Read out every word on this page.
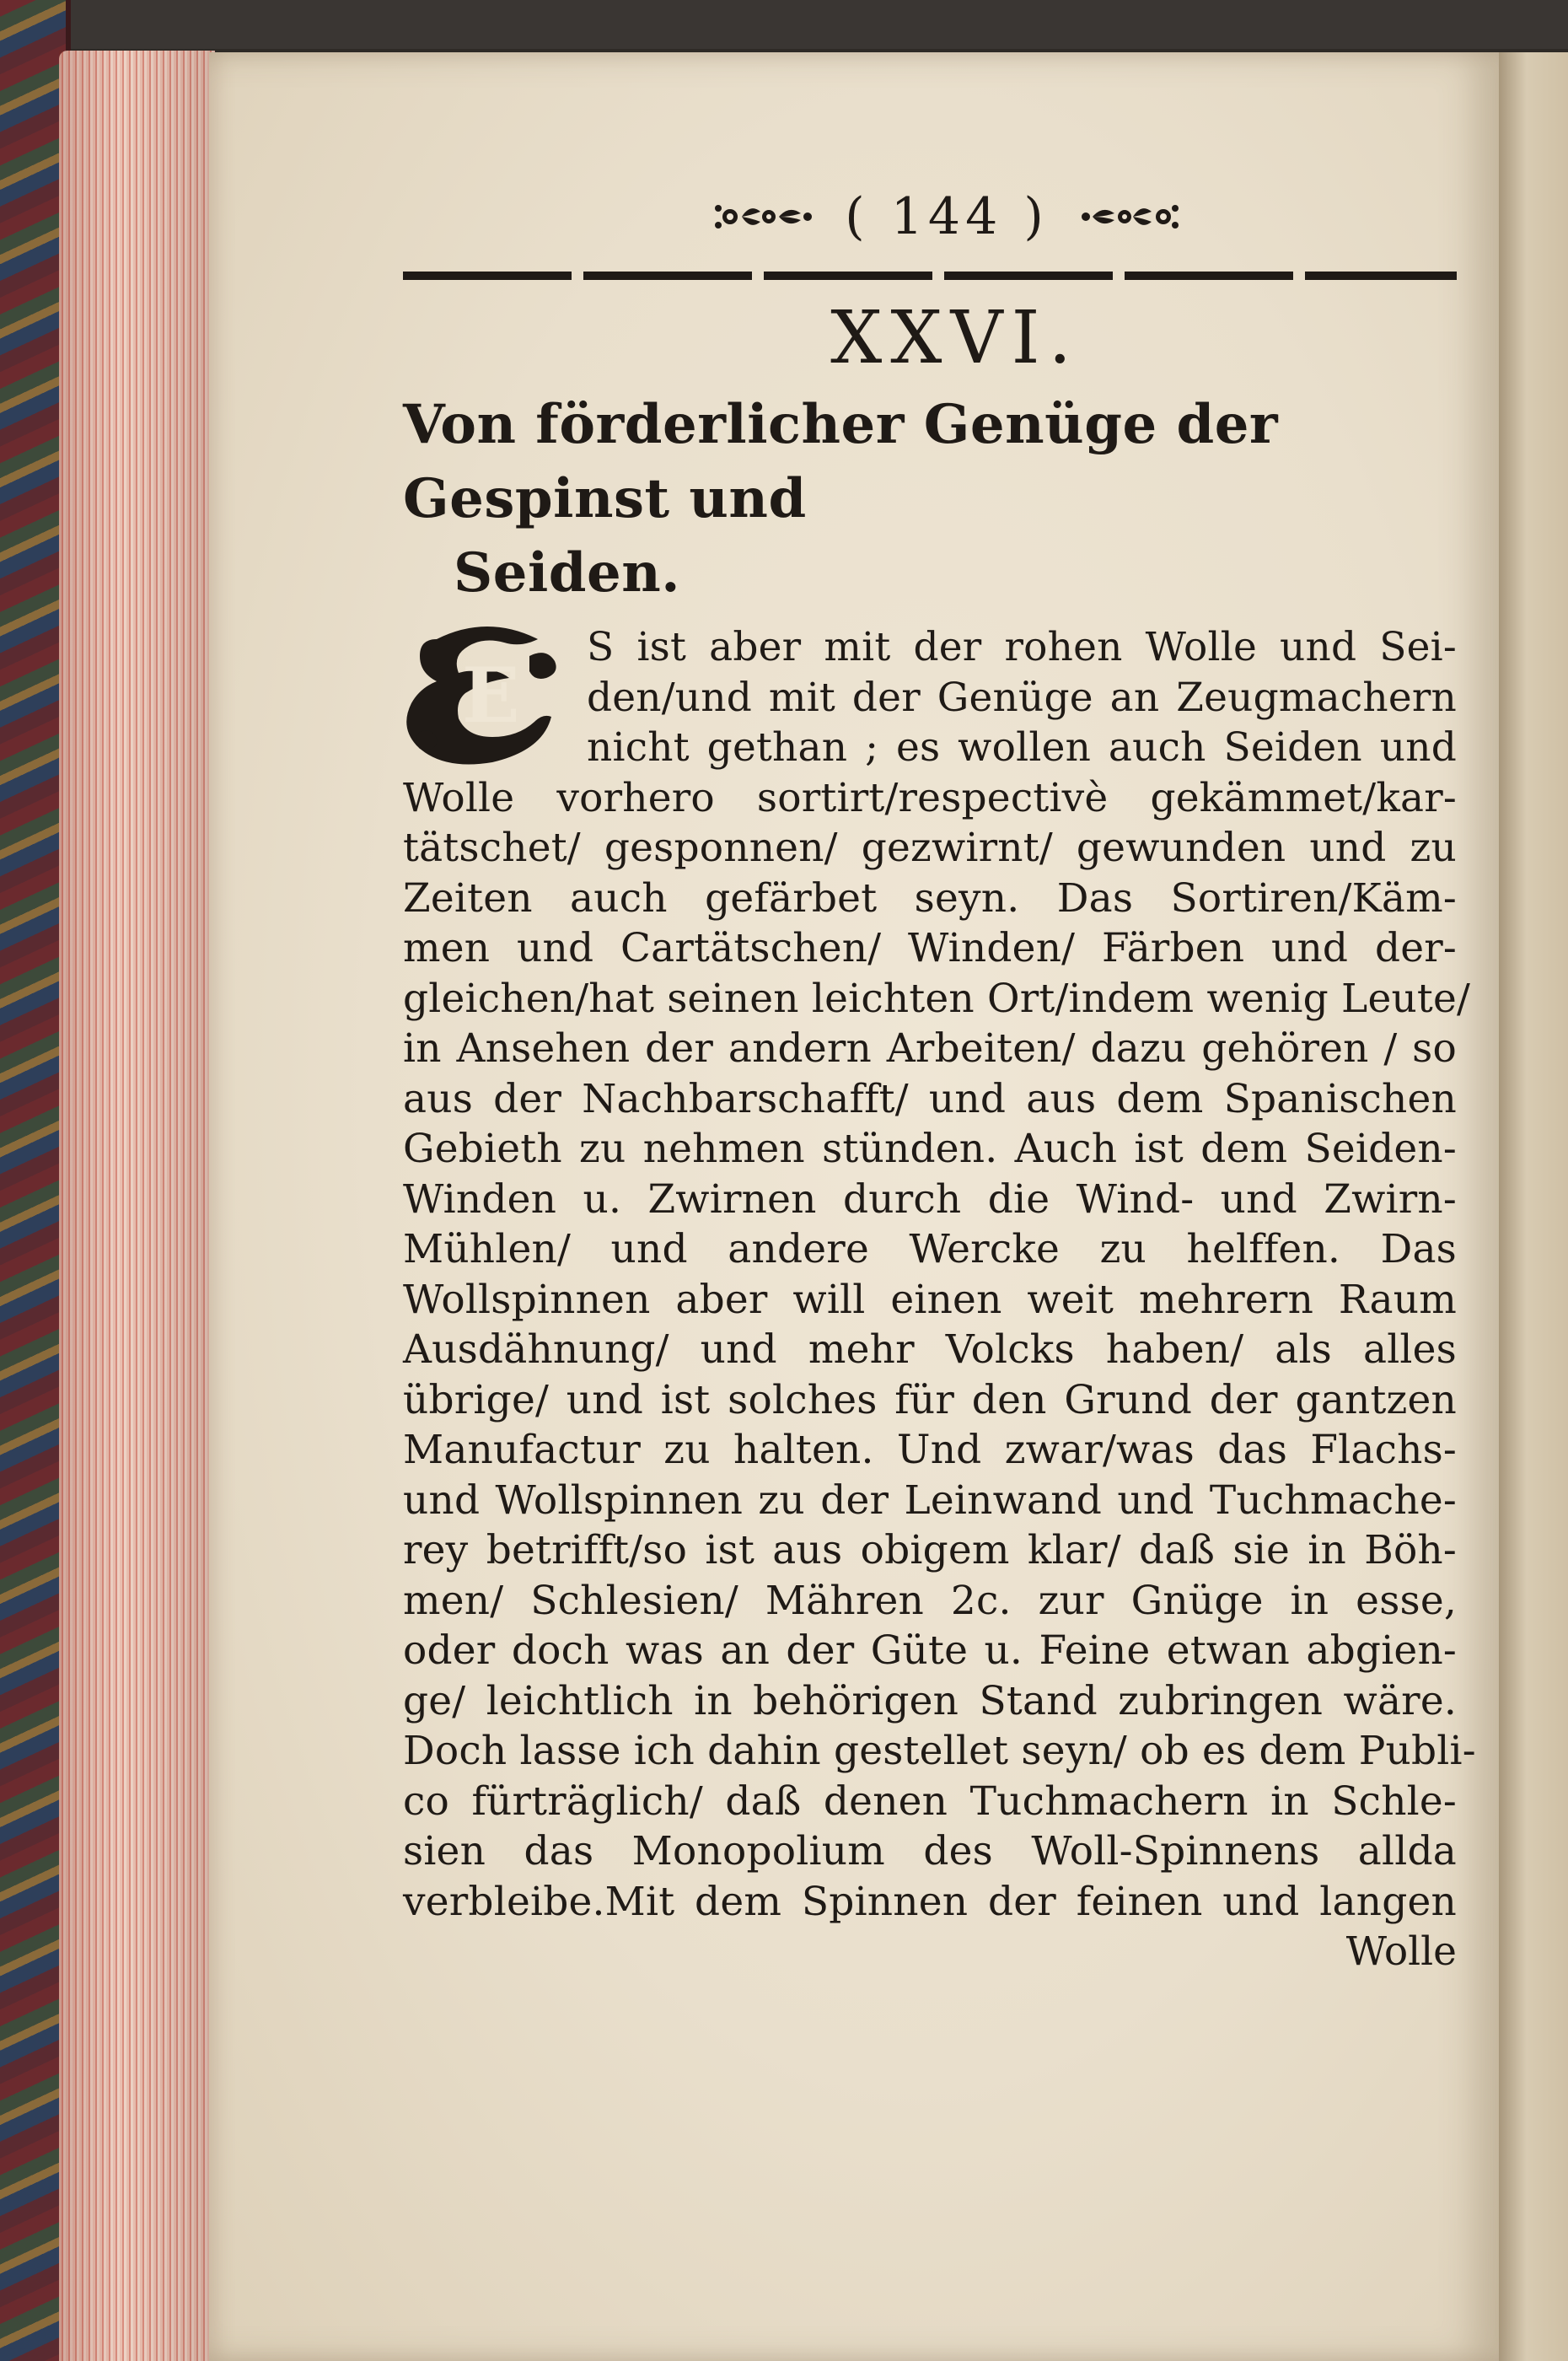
( 144 )
XXVI.
Von förderlicher Genüge der Gespinst und
Seiden.
E
S ist aber mit der rohen Wolle und Sei-
den/und mit der Genüge an Zeugmachern
nicht gethan ; es wollen auch Seiden und
Wolle vorhero sortirt/respectivè gekämmet/kar-
tätschet/ gesponnen/ gezwirnt/ gewunden und zu
Zeiten auch gefärbet seyn. Das Sortiren/Käm-
men und Cartätschen/ Winden/ Färben und der-
gleichen/hat seinen leichten Ort/indem wenig Leute/
in Ansehen der andern Arbeiten/ dazu gehören / so
aus der Nachbarschafft/ und aus dem Spanischen
Gebieth zu nehmen stünden. Auch ist dem Seiden-
Winden u. Zwirnen durch die Wind- und Zwirn-
Mühlen/ und andere Wercke zu helffen. Das
Wollspinnen aber will einen weit mehrern Raum
Ausdähnung/ und mehr Volcks haben/ als alles
übrige/ und ist solches für den Grund der gantzen
Manufactur zu halten. Und zwar/was das Flachs-
und Wollspinnen zu der Leinwand und Tuchmache-
rey betrifft/so ist aus obigem klar/ daß sie in Böh-
men/ Schlesien/ Mähren 2c. zur Gnüge in esse,
oder doch was an der Güte u. Feine etwan abgien-
ge/ leichtlich in behörigen Stand zubringen wäre.
Doch lasse ich dahin gestellet seyn/ ob es dem Publi-
co fürträglich/ daß denen Tuchmachern in Schle-
sien das Monopolium des Woll-Spinnens allda
verbleibe.Mit dem Spinnen der feinen und langen
Wolle
